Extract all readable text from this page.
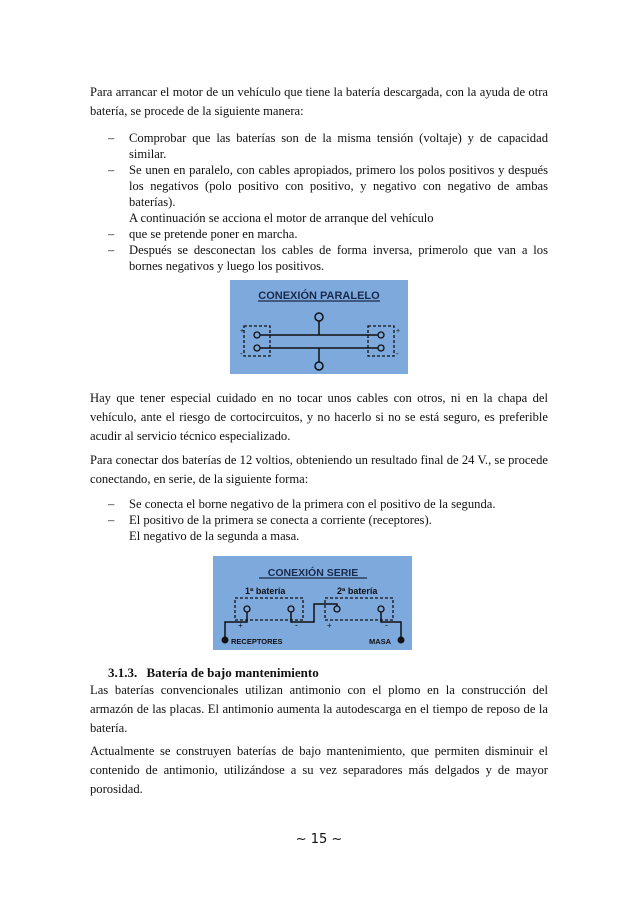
Para arrancar el motor de un vehículo que tiene la batería descargada, con la ayuda de otra batería, se procede de la siguiente manera:

– Comprobar que las baterías son de la misma tensión (voltaje) y de capacidad similar.
– Se unen en paralelo, con cables apropiados, primero los polos positivos y después los negativos (polo positivo con positivo, y negativo con negativo de ambas baterías).
A continuación se acciona el motor de arranque del vehículo
– que se pretende poner en marcha.
– Después se desconectan los cables de forma inversa, primerolo que van a los bornes negativos y luego los positivos.
CONEXIÓN PARALELO
+
-
+
-

Hay que tener especial cuidado en no tocar unos cables con otros, ni en la chapa del vehículo, ante el riesgo de cortocircuitos, y no hacerlo si no se está seguro, es preferible acudir al servicio técnico especializado.

Para conectar dos baterías de 12 voltios, obteniendo un resultado final de 24 V., se procede conectando, en serie, de la siguiente forma:

– Se conecta el borne negativo de la primera con el positivo de la segunda.
– El positivo de la primera se conecta a corriente (receptores).
El negativo de la segunda a masa.
CONEXIÓN SERIE
1ª batería
+	-
2ª batería
+	-
RECEPTORES	MASA
3.1.3. Batería de bajo mantenimiento

Las baterías convencionales utilizan antimonio con el plomo en la construcción del armazón de las placas. El antimonio aumenta la autodescarga en el tiempo de reposo de la batería.

Actualmente se construyen baterías de bajo mantenimiento, que permiten disminuir el contenido de antimonio, utilizándose a su vez separadores más delgados y de mayor porosidad.

~ 15 ~
